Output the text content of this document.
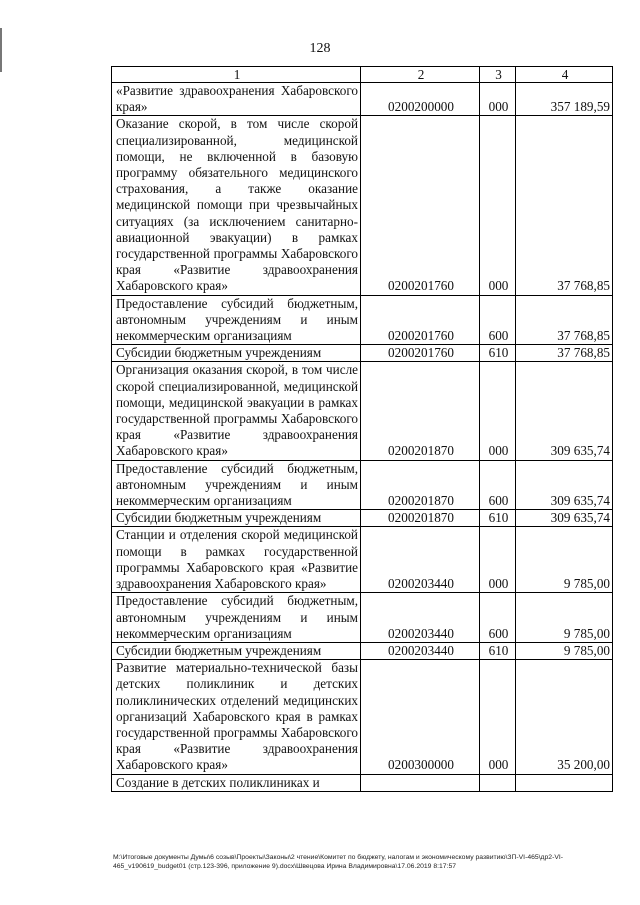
128
1	2	3	4
«Развитие здравоохранения Хабаровского края»	0200200000	000	357 189,59
Оказание скорой, в том числе скорой специализированной, медицинской помощи, не включенной в базовую программу обязательного медицинского страхования, а также оказание медицинской помощи при чрезвычайных ситуациях (за исключением санитарно-авиационной эвакуации) в рамках государственной программы Хабаровского края «Развитие здравоохранения Хабаровского края»	0200201760	000	37 768,85
Предоставление субсидий бюджетным, автономным учреждениям и иным некоммерческим организациям	0200201760	600	37 768,85
Субсидии бюджетным учреждениям	0200201760	610	37 768,85
Организация оказания скорой, в том числе скорой специализированной, медицинской помощи, медицинской эвакуации в рамках государственной программы Хабаровского края «Развитие здравоохранения Хабаровского края»	0200201870	000	309 635,74
Предоставление субсидий бюджетным, автономным учреждениям и иным некоммерческим организациям	0200201870	600	309 635,74
Субсидии бюджетным учреждениям	0200201870	610	309 635,74
Станции и отделения скорой медицинской помощи в рамках государственной программы Хабаровского края «Развитие здравоохранения Хабаровского края»	0200203440	000	9 785,00
Предоставление субсидий бюджетным, автономным учреждениям и иным некоммерческим организациям	0200203440	600	9 785,00
Субсидии бюджетным учреждениям	0200203440	610	9 785,00
Развитие материально-технической базы детских поликлиник и детских поликлинических отделений медицинских организаций Хабаровского края в рамках государственной программы Хабаровского края «Развитие здравоохранения Хабаровского края»	0200300000	000	35 200,00
Создание в детских поликлиниках и			
M:\Итоговые документы Думы\6 созыв\Проекты\Законы\2 чтение\Комитет по бюджету, налогам и экономическому развитию\ЗП-VI-465\др2-VI-465_v190619_budget01 (стр.123-396, приложение 9).docx\Швецова Ирина Владимировна\17.06.2019 8:17:57
